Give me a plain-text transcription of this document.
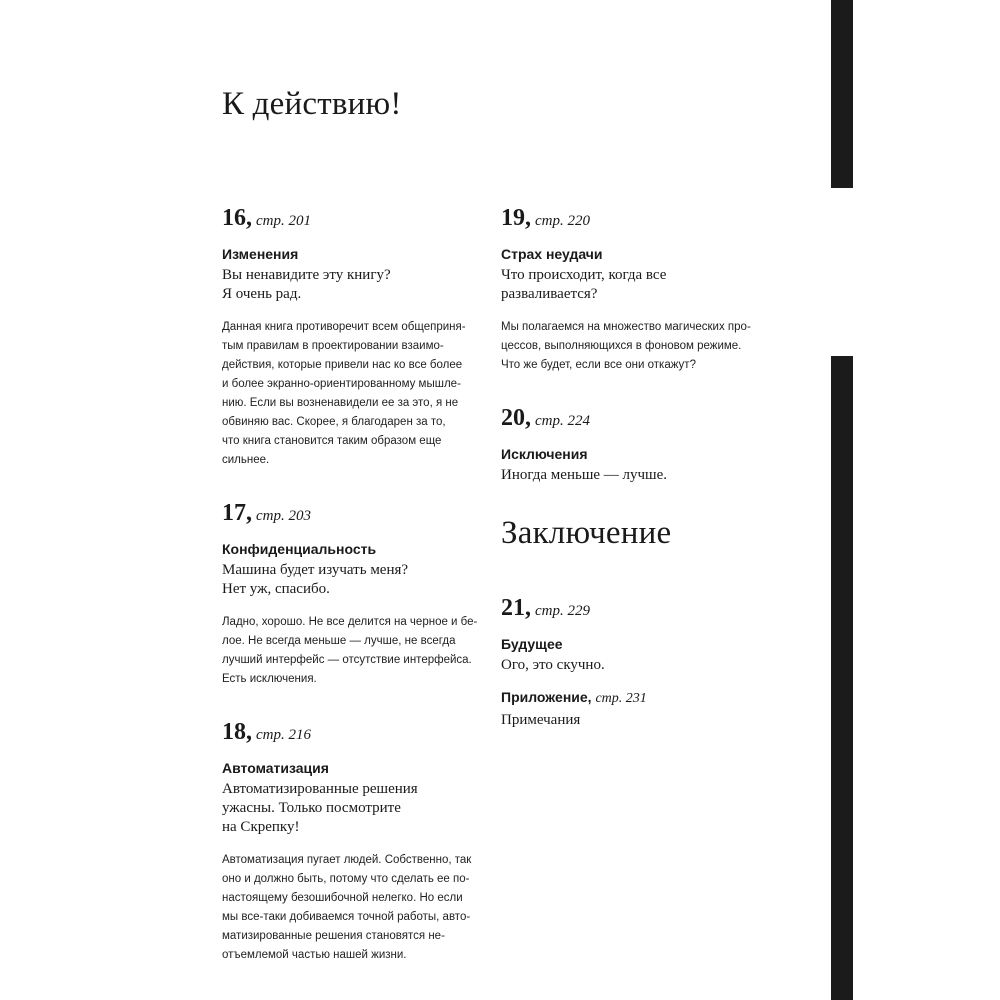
К действию!

16, стр. 201

Изменения

Вы ненавидите эту книгу?
Я очень рад.

Данная книга противоречит всем общеприня-
тым правилам в проектировании взаимо-
действия, которые привели нас ко все более
и более экранно-ориентированному мышле-
нию. Если вы возненавидели ее за это, я не
обвиняю вас. Скорее, я благодарен за то,
что книга становится таким образом еще
сильнее.

17, стр. 203

Конфиденциальность

Машина будет изучать меня?
Нет уж, спасибо.

Ладно, хорошо. Не все делится на черное и бе-
лое. Не всегда меньше — лучше, не всегда
лучший интерфейс — отсутствие интерфейса.
Есть исключения.

18, стр. 216

Автоматизация

Автоматизированные решения
ужасны. Только посмотрите
на Скрепку!

Автоматизация пугает людей. Собственно, так
оно и должно быть, потому что сделать ее по-
настоящему безошибочной нелегко. Но если
мы все-таки добиваемся точной работы, авто-
матизированные решения становятся не-
отъемлемой частью нашей жизни.

19, стр. 220

Страх неудачи

Что происходит, когда все
разваливается?

Мы полагаемся на множество магических про-
цессов, выполняющихся в фоновом режиме.
Что же будет, если все они откажут?

20, стр. 224

Исключения

Иногда меньше — лучше.

Заключение

21, стр. 229

Будущее

Ого, это скучно.

Приложение, стр. 231

Примечания
